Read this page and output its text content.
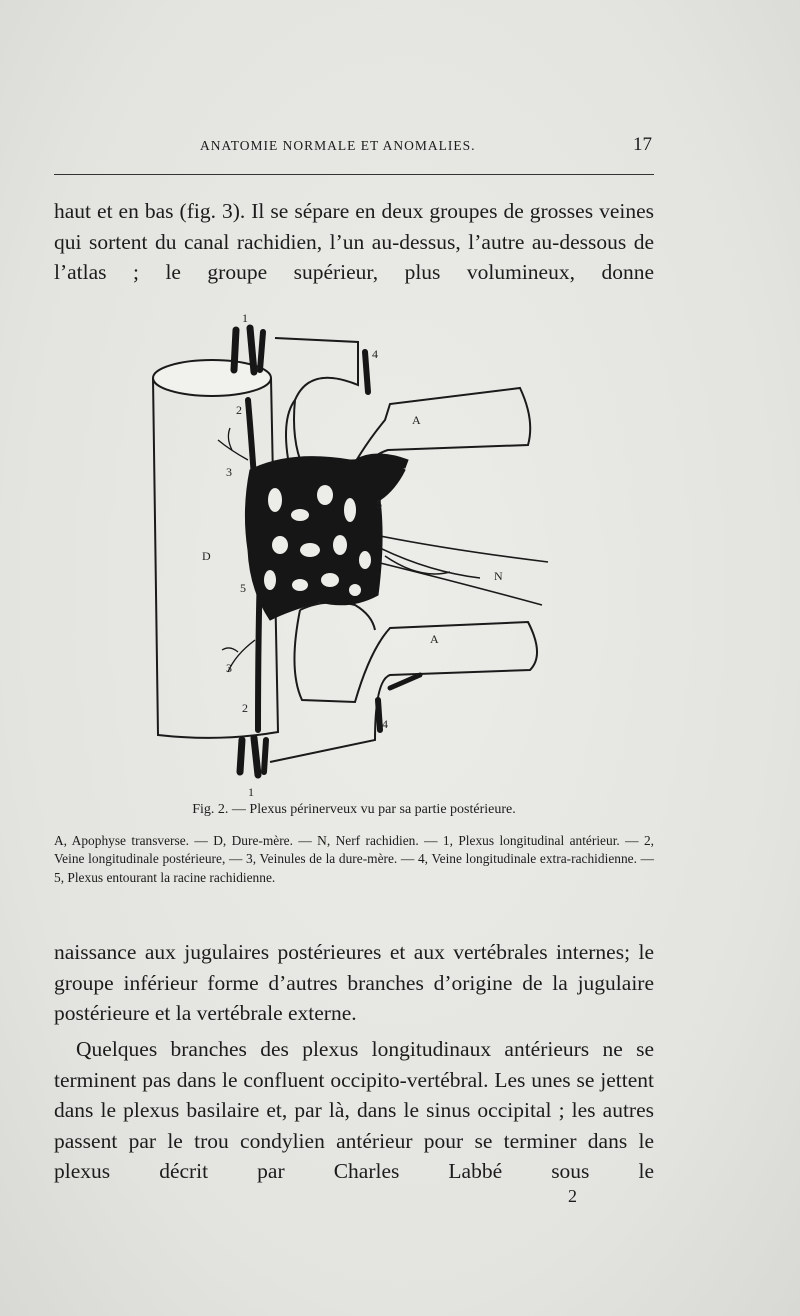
ANATOMIE NORMALE ET ANOMALIES.	17
haut et en bas (fig. 3). Il se sépare en deux groupes de grosses veines qui sortent du canal rachidien, l’un au-dessus, l’autre au-dessous de l’atlas ; le groupe supérieur, plus volumineux, donne
1
4
2
A
3
5
D
N
5
A
3
2
4
1
Fig. 2. — Plexus périnerveux vu par sa partie postérieure.
A, Apophyse transverse. — D, Dure-mère. — N, Nerf rachidien. — 1, Plexus longitudinal antérieur. — 2, Veine longitudinale postérieure, — 3, Veinules de la dure-mère. — 4, Veine longitudinale extra-rachidienne. — 5, Plexus entourant la racine rachidienne.
naissance aux jugulaires postérieures et aux vertébrales internes; le groupe inférieur forme d’autres branches d’origine de la jugulaire postérieure et la vertébrale externe.
Quelques branches des plexus longitudinaux antérieurs ne se terminent pas dans le confluent occipito-vertébral. Les unes se jettent dans le plexus basilaire et, par là, dans le sinus occipital ; les autres passent par le trou condylien antérieur pour se terminer dans le plexus décrit par Charles Labbé sous le
2
